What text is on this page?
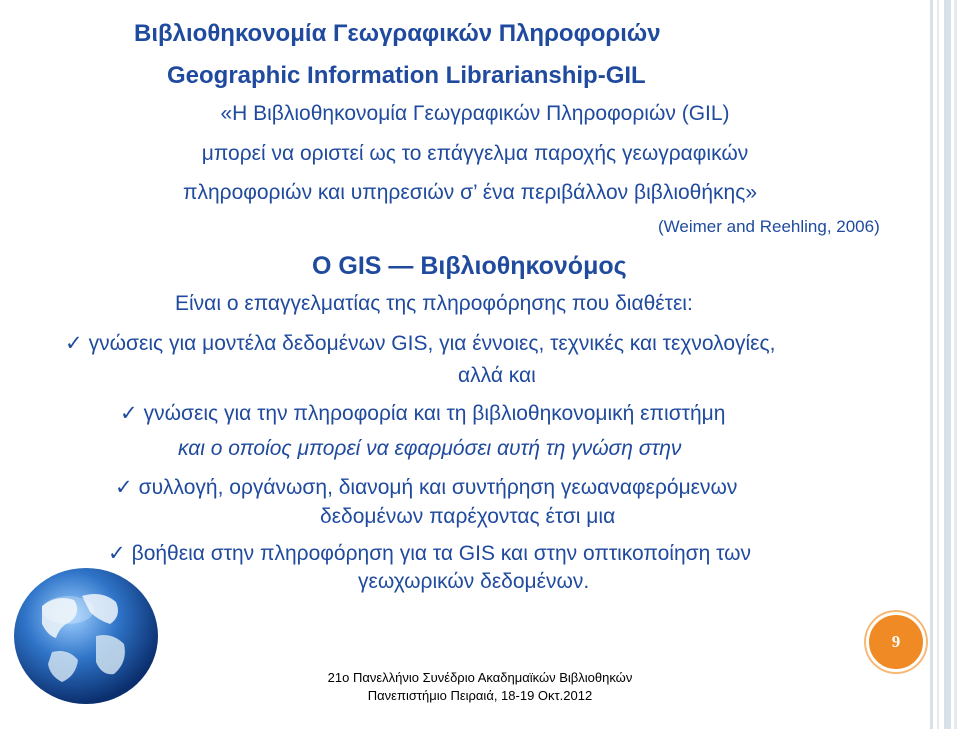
Βιβλιοθηκονομία Γεωγραφικών Πληροφοριών
Geographic Information Librarianship-GIL
«Η Βιβλιοθηκονομία Γεωγραφικών Πληροφοριών (GIL)
μπορεί να οριστεί ως το επάγγελμα παροχής γεωγραφικών
πληροφοριών και υπηρεσιών σ’ ένα περιβάλλον βιβλιοθήκης»
(Weimer and Reehling, 2006)
Ο GIS — Βιβλιοθηκονόμος
Είναι ο επαγγελματίας της πληροφόρησης που διαθέτει:
✓ γνώσεις για μοντέλα δεδομένων GIS, για έννοιες, τεχνικές και τεχνολογίες,
αλλά και
✓ γνώσεις για την πληροφορία και τη βιβλιοθηκονομική επιστήμη
και ο οποίος μπορεί να εφαρμόσει αυτή τη γνώση στην
✓ συλλογή, οργάνωση, διανομή και συντήρηση γεωαναφερόμενων
δεδομένων παρέχοντας έτσι μια
✓ βοήθεια στην πληροφόρηση για τα GIS και στην οπτικοποίηση των
γεωχωρικών δεδομένων.
9
21ο Πανελλήνιο Συνέδριο Ακαδημαϊκών Βιβλιοθηκών
Πανεπιστήμιο Πειραιά, 18-19 Οκτ.2012
